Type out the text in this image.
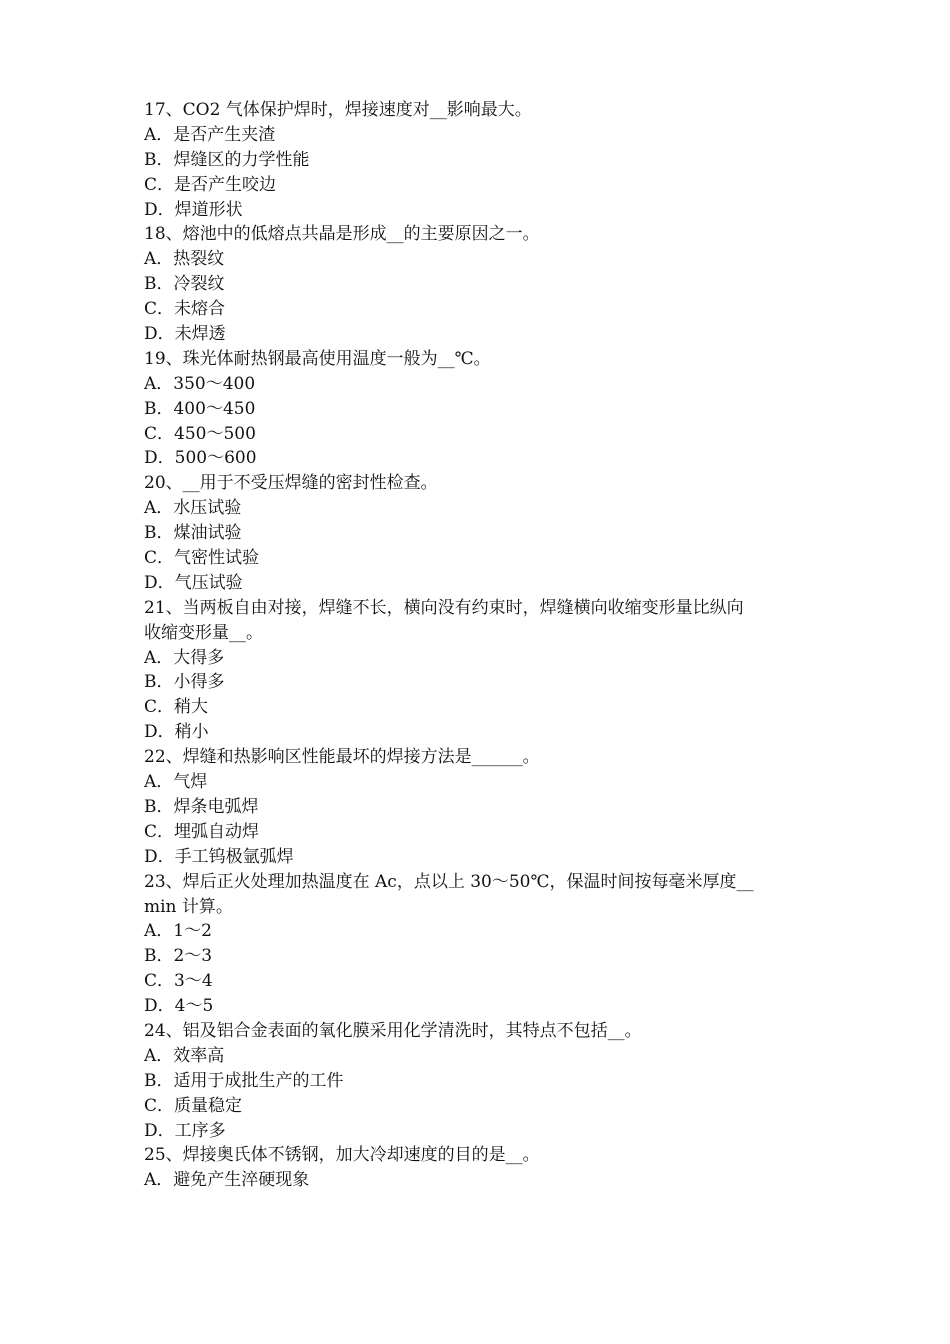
17、CO2 气体保护焊时，焊接速度对__影响最大。
A．是否产生夹渣
B．焊缝区的力学性能
C．是否产生咬边
D．焊道形状
18、熔池中的低熔点共晶是形成__的主要原因之一。
A．热裂纹
B．冷裂纹
C．未熔合
D．未焊透
19、珠光体耐热钢最高使用温度一般为__℃。
A．350～400
B．400～450
C．450～500
D．500～600
20、__用于不受压焊缝的密封性检查。
A．水压试验
B．煤油试验
C．气密性试验
D．气压试验
21、当两板自由对接，焊缝不长，横向没有约束时，焊缝横向收缩变形量比纵向
收缩变形量__。
A．大得多
B．小得多
C．稍大
D．稍小
22、焊缝和热影响区性能最坏的焊接方法是______。
A．气焊
B．焊条电弧焊
C．埋弧自动焊
D．手工钨极氩弧焊
23、焊后正火处理加热温度在 Ac，点以上 30～50℃，保温时间按每毫米厚度__
min 计算。
A．1～2
B．2～3
C．3～4
D．4～5
24、铝及铝合金表面的氧化膜采用化学清洗时，其特点不包括__。
A．效率高
B．适用于成批生产的工件
C．质量稳定
D．工序多
25、焊接奥氏体不锈钢，加大冷却速度的目的是__。
A．避免产生淬硬现象
